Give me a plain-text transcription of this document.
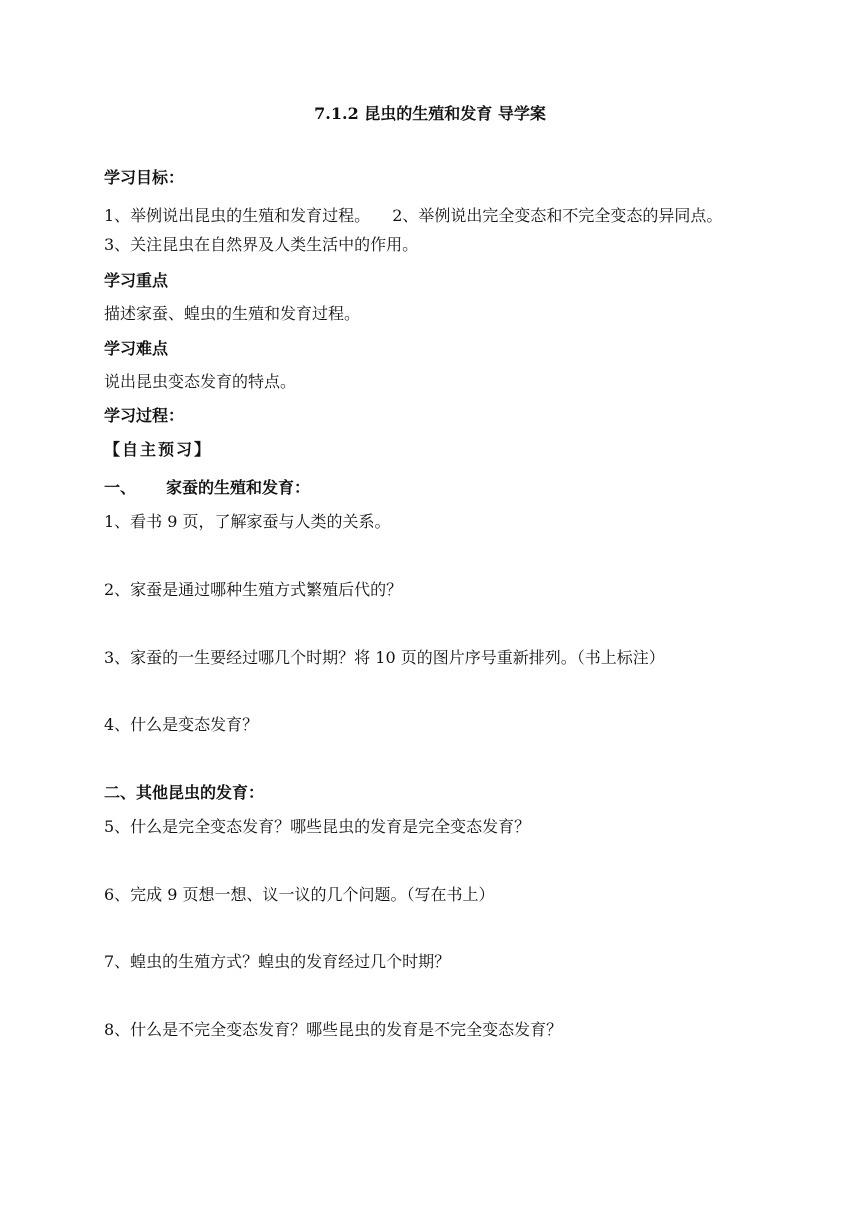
7.1.2 昆虫的生殖和发育 导学案

学习目标：

1、举例说出昆虫的生殖和发育过程。 2、举例说出完全变态和不完全变态的异同点。

3、关注昆虫在自然界及人类生活中的作用。

学习重点

描述家蚕、蝗虫的生殖和发育过程。

学习难点

说出昆虫变态发育的特点。

学习过程：

【自主预习】

一、 家蚕的生殖和发育：

1、看书 9 页，了解家蚕与人类的关系。

2、家蚕是通过哪种生殖方式繁殖后代的？

3、家蚕的一生要经过哪几个时期？将 10 页的图片序号重新排列。（书上标注）

4、什么是变态发育？

二、其他昆虫的发育：

5、什么是完全变态发育？哪些昆虫的发育是完全变态发育？

6、完成 9 页想一想、议一议的几个问题。（写在书上）

7、蝗虫的生殖方式？蝗虫的发育经过几个时期？

8、什么是不完全变态发育？哪些昆虫的发育是不完全变态发育？
